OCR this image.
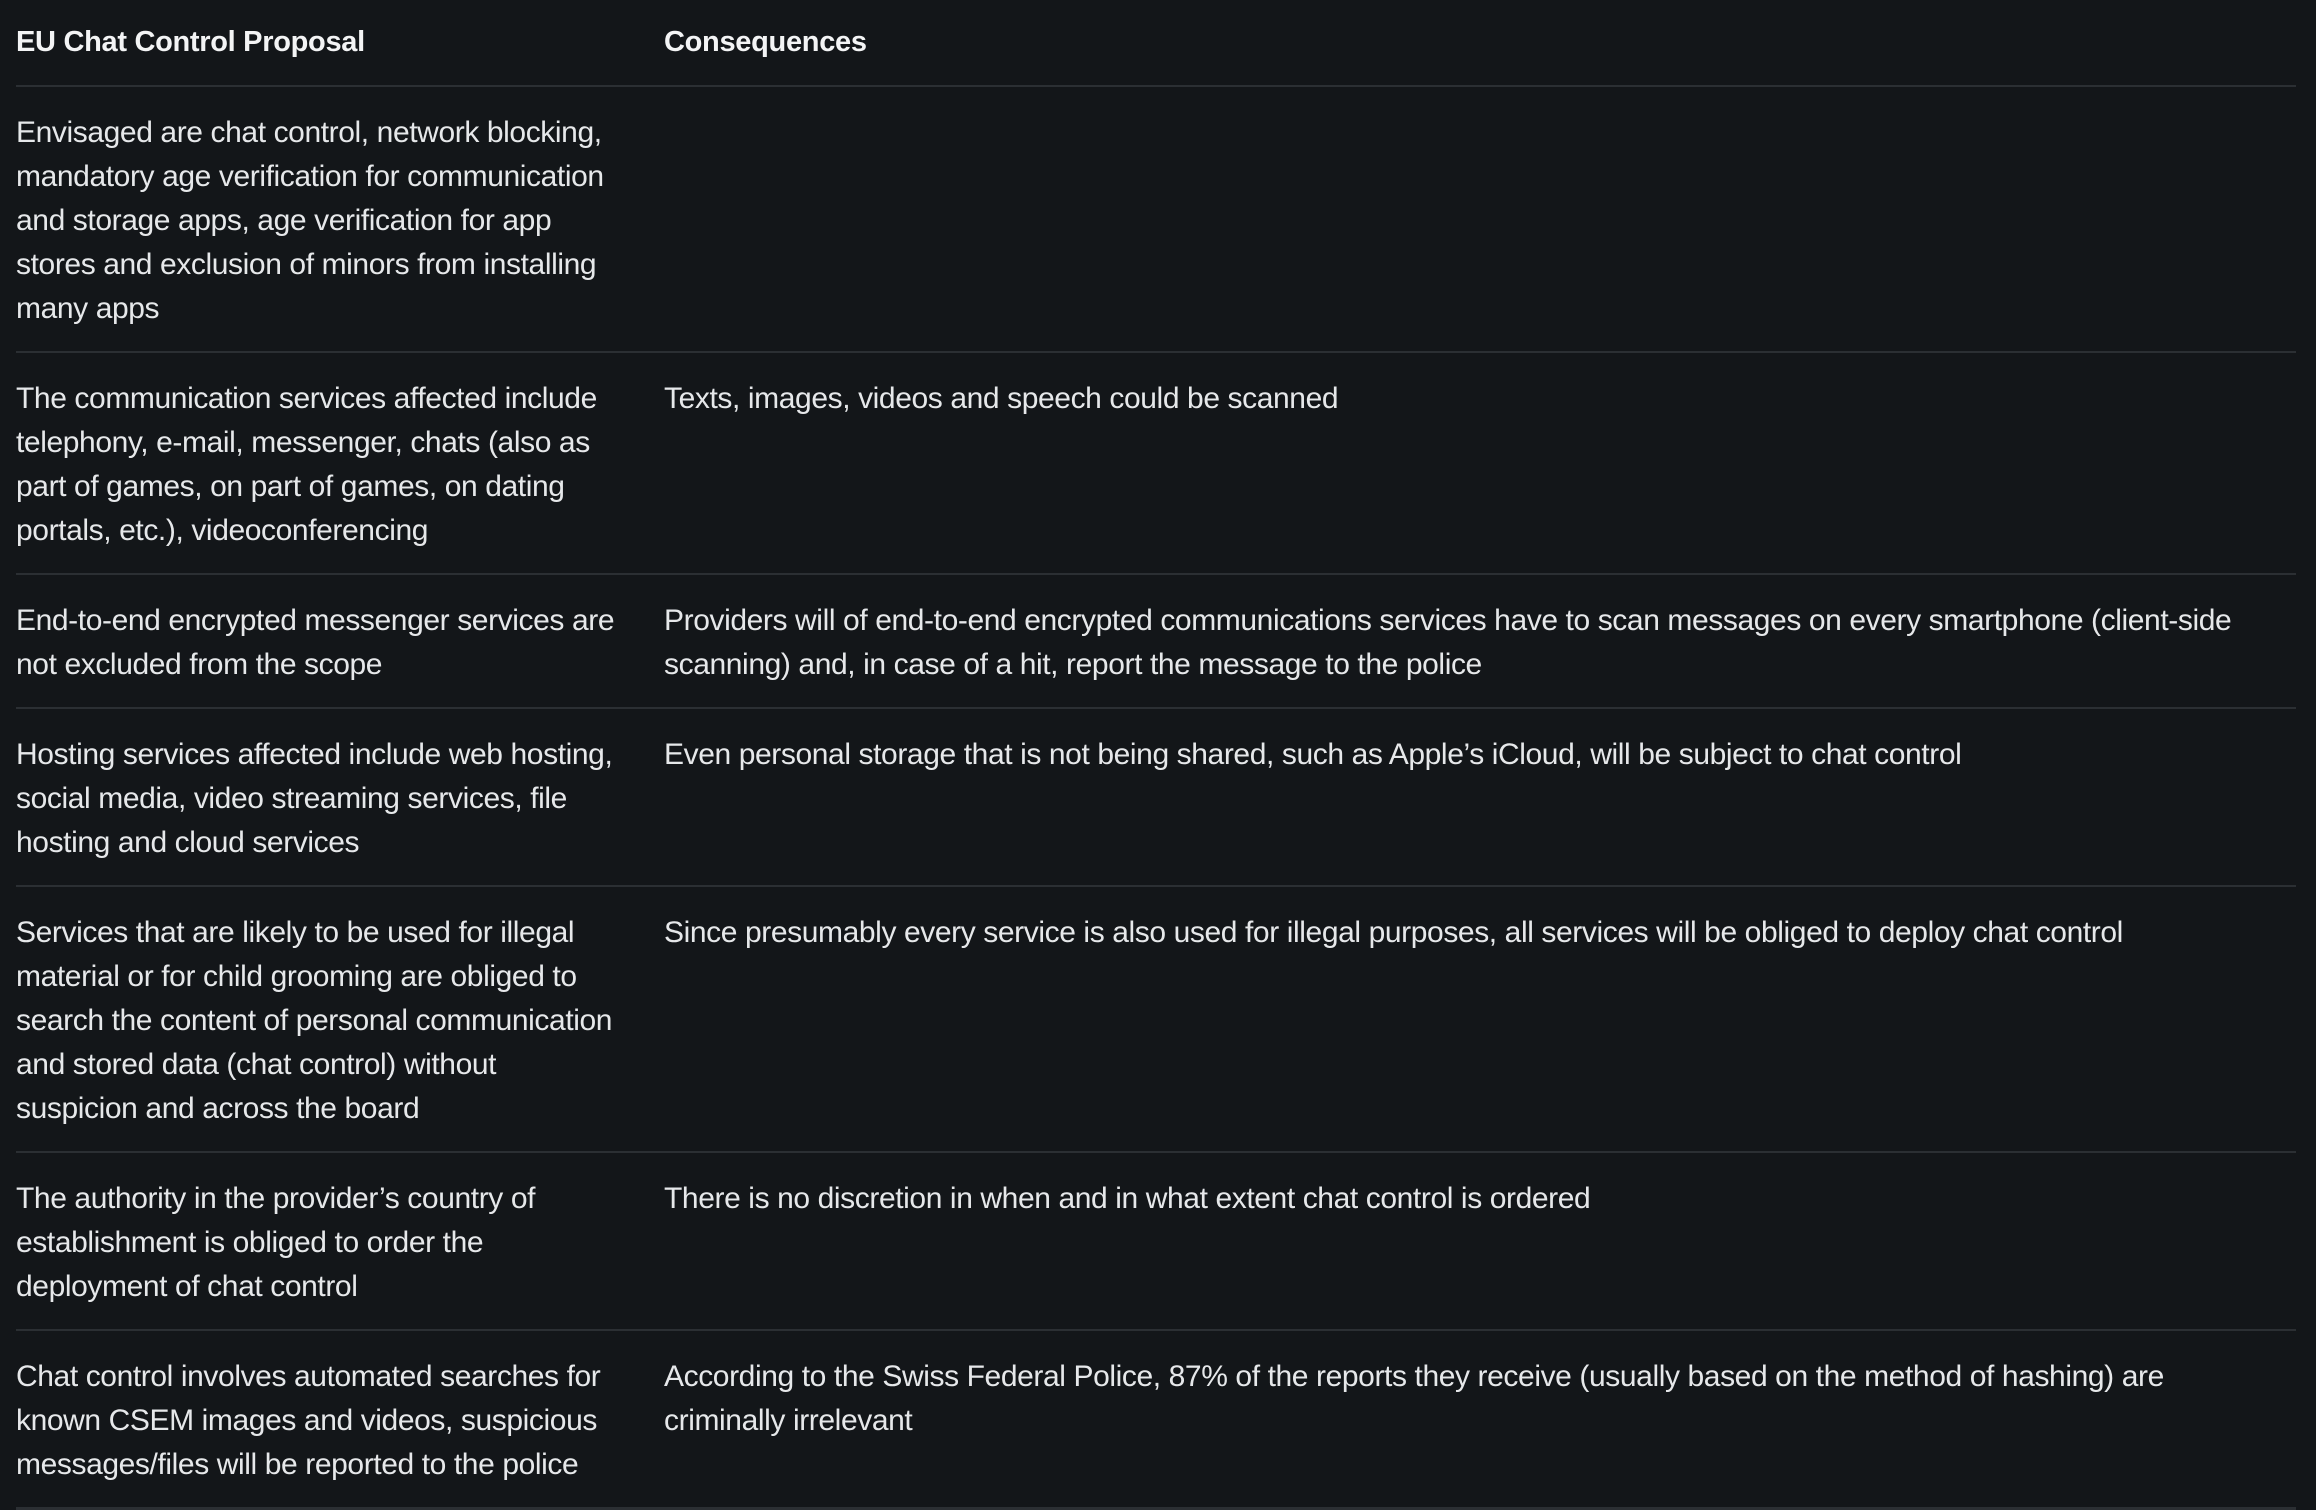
EU Chat Control Proposal	Consequences
Envisaged are chat control, network blocking, mandatory age verification for communication and storage apps, age verification for app stores and exclusion of minors from installing many apps
The communication services affected include telephony, e-mail, messenger, chats (also as part of games, on part of games, on dating portals, etc.), videoconferencing
Texts, images, videos and speech could be scanned
End-to-end encrypted messenger services are not excluded from the scope
Providers will of end-to-end encrypted communications services have to scan messages on every smartphone (client-side scanning) and, in case of a hit, report the message to the police
Hosting services affected include web hosting, social media, video streaming services, file hosting and cloud services
Even personal storage that is not being shared, such as Apple’s iCloud, will be subject to chat control
Services that are likely to be used for illegal material or for child grooming are obliged to search the content of personal communication and stored data (chat control) without suspicion and across the board
Since presumably every service is also used for illegal purposes, all services will be obliged to deploy chat control
The authority in the provider’s country of establishment is obliged to order the deployment of chat control
There is no discretion in when and in what extent chat control is ordered
Chat control involves automated searches for known CSEM images and videos, suspicious messages/files will be reported to the police
According to the Swiss Federal Police, 87% of the reports they receive (usually based on the method of hashing) are criminally irrelevant
